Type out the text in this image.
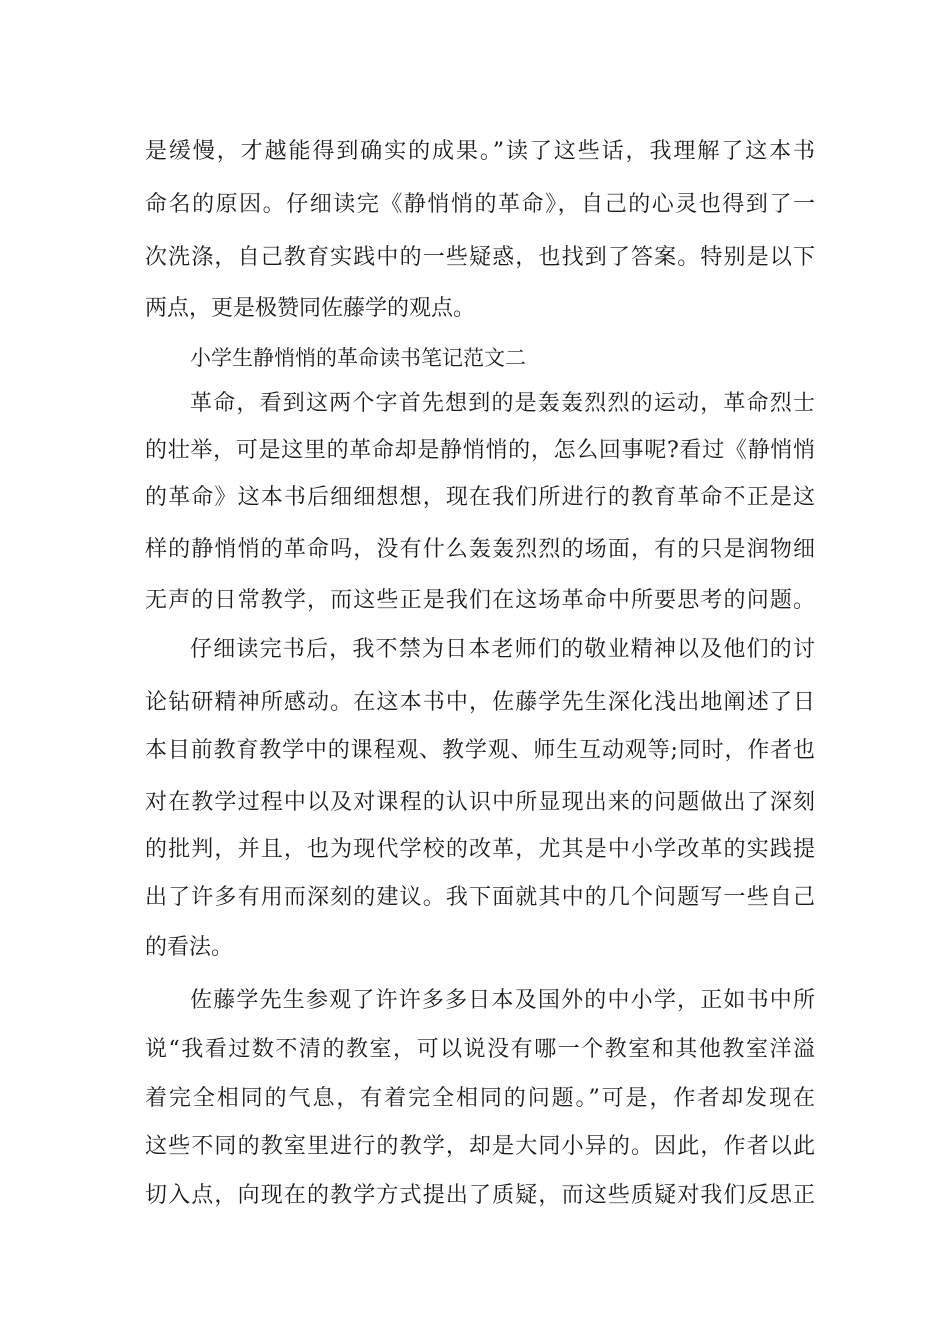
是缓慢，才越能得到确实的成果。”读了这些话，我理解了这本书
命名的原因。仔细读完《静悄悄的革命》，自己的心灵也得到了一
次洗涤，自己教育实践中的一些疑惑，也找到了答案。特别是以下
两点，更是极赞同佐藤学的观点。
小学生静悄悄的革命读书笔记范文二
革命，看到这两个字首先想到的是轰轰烈烈的运动，革命烈士
的壮举，可是这里的革命却是静悄悄的，怎么回事呢?看过《静悄悄
的革命》这本书后细细想想，现在我们所进行的教育革命不正是这
样的静悄悄的革命吗，没有什么轰轰烈烈的场面，有的只是润物细
无声的日常教学，而这些正是我们在这场革命中所要思考的问题。
仔细读完书后，我不禁为日本老师们的敬业精神以及他们的讨
论钻研精神所感动。在这本书中，佐藤学先生深化浅出地阐述了日
本目前教育教学中的课程观、教学观、师生互动观等;同时，作者也
对在教学过程中以及对课程的认识中所显现出来的问题做出了深刻
的批判，并且，也为现代学校的改革，尤其是中小学改革的实践提
出了许多有用而深刻的建议。我下面就其中的几个问题写一些自己
的看法。
佐藤学先生参观了许许多多日本及国外的中小学，正如书中所
说“我看过数不清的教室，可以说没有哪一个教室和其他教室洋溢
着完全相同的气息，有着完全相同的问题。”可是，作者却发现在
这些不同的教室里进行的教学，却是大同小异的。因此，作者以此
切入点，向现在的教学方式提出了质疑，而这些质疑对我们反思正
